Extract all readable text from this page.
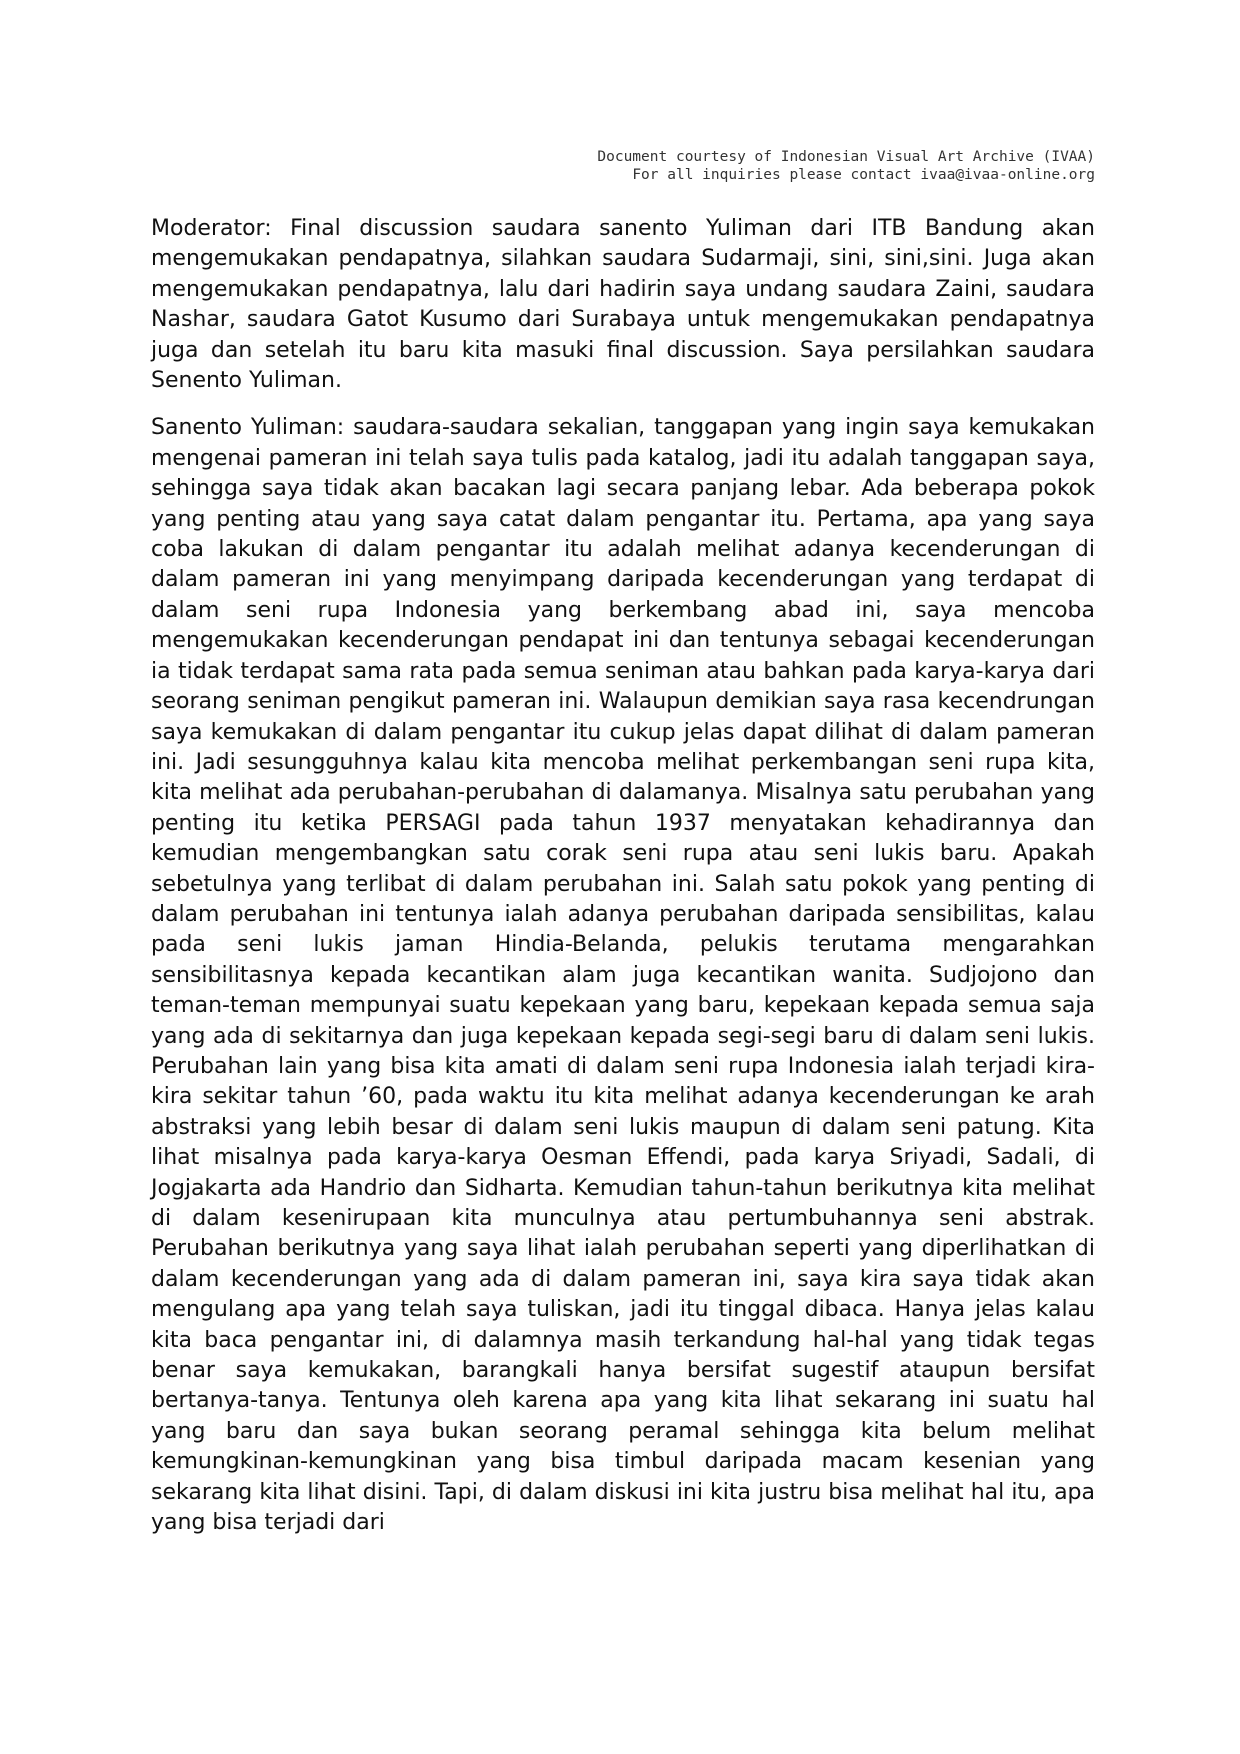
Document courtesy of Indonesian Visual Art Archive (IVAA)
For all inquiries please contact ivaa@ivaa-online.org

Moderator: Final discussion saudara sanento Yuliman dari ITB Bandung akan mengemukakan pendapatnya, silahkan saudara Sudarmaji, sini, sini,sini. Juga akan mengemukakan pendapatnya, lalu dari hadirin saya undang saudara Zaini, saudara Nashar, saudara Gatot Kusumo dari Surabaya untuk mengemukakan pendapatnya juga dan setelah itu baru kita masuki final discussion. Saya persilahkan saudara Senento Yuliman.

Sanento Yuliman: saudara-saudara sekalian, tanggapan yang ingin saya kemukakan mengenai pameran ini telah saya tulis pada katalog, jadi itu adalah tanggapan saya, sehingga saya tidak akan bacakan lagi secara panjang lebar. Ada beberapa pokok yang penting atau yang saya catat dalam pengantar itu. Pertama, apa yang saya coba lakukan di dalam pengantar itu adalah melihat adanya kecenderungan di dalam pameran ini yang menyimpang daripada kecenderungan yang terdapat di dalam seni rupa Indonesia yang berkembang abad ini, saya mencoba mengemukakan kecenderungan pendapat ini dan tentunya sebagai kecenderungan ia tidak terdapat sama rata pada semua seniman atau bahkan pada karya-karya dari seorang seniman pengikut pameran ini. Walaupun demikian saya rasa kecendrungan saya kemukakan di dalam pengantar itu cukup jelas dapat dilihat di dalam pameran ini. Jadi sesungguhnya kalau kita mencoba melihat perkembangan seni rupa kita, kita melihat ada perubahan-perubahan di dalamanya. Misalnya satu perubahan yang penting itu ketika PERSAGI pada tahun 1937 menyatakan kehadirannya dan kemudian mengembangkan satu corak seni rupa atau seni lukis baru. Apakah sebetulnya yang terlibat di dalam perubahan ini. Salah satu pokok yang penting di dalam perubahan ini tentunya ialah adanya perubahan daripada sensibilitas, kalau pada seni lukis jaman Hindia-Belanda, pelukis terutama mengarahkan sensibilitasnya kepada kecantikan alam juga kecantikan wanita. Sudjojono dan teman-teman mempunyai suatu kepekaan yang baru, kepekaan kepada semua saja yang ada di sekitarnya dan juga kepekaan kepada segi-segi baru di dalam seni lukis. Perubahan lain yang bisa kita amati di dalam seni rupa Indonesia ialah terjadi kira-kira sekitar tahun ’60, pada waktu itu kita melihat adanya kecenderungan ke arah abstraksi yang lebih besar di dalam seni lukis maupun di dalam seni patung. Kita lihat misalnya pada karya-karya Oesman Effendi, pada karya Sriyadi, Sadali, di Jogjakarta ada Handrio dan Sidharta. Kemudian tahun-tahun berikutnya kita melihat di dalam kesenirupaan kita munculnya atau pertumbuhannya seni abstrak. Perubahan berikutnya yang saya lihat ialah perubahan seperti yang diperlihatkan di dalam kecenderungan yang ada di dalam pameran ini, saya kira saya tidak akan mengulang apa yang telah saya tuliskan, jadi itu tinggal dibaca. Hanya jelas kalau kita baca pengantar ini, di dalamnya masih terkandung hal-hal yang tidak tegas benar saya kemukakan, barangkali hanya bersifat sugestif ataupun bersifat bertanya-tanya. Tentunya oleh karena apa yang kita lihat sekarang ini suatu hal yang baru dan saya bukan seorang peramal sehingga kita belum melihat kemungkinan-kemungkinan yang bisa timbul daripada macam kesenian yang sekarang kita lihat disini. Tapi, di dalam diskusi ini kita justru bisa melihat hal itu, apa yang bisa terjadi dari
